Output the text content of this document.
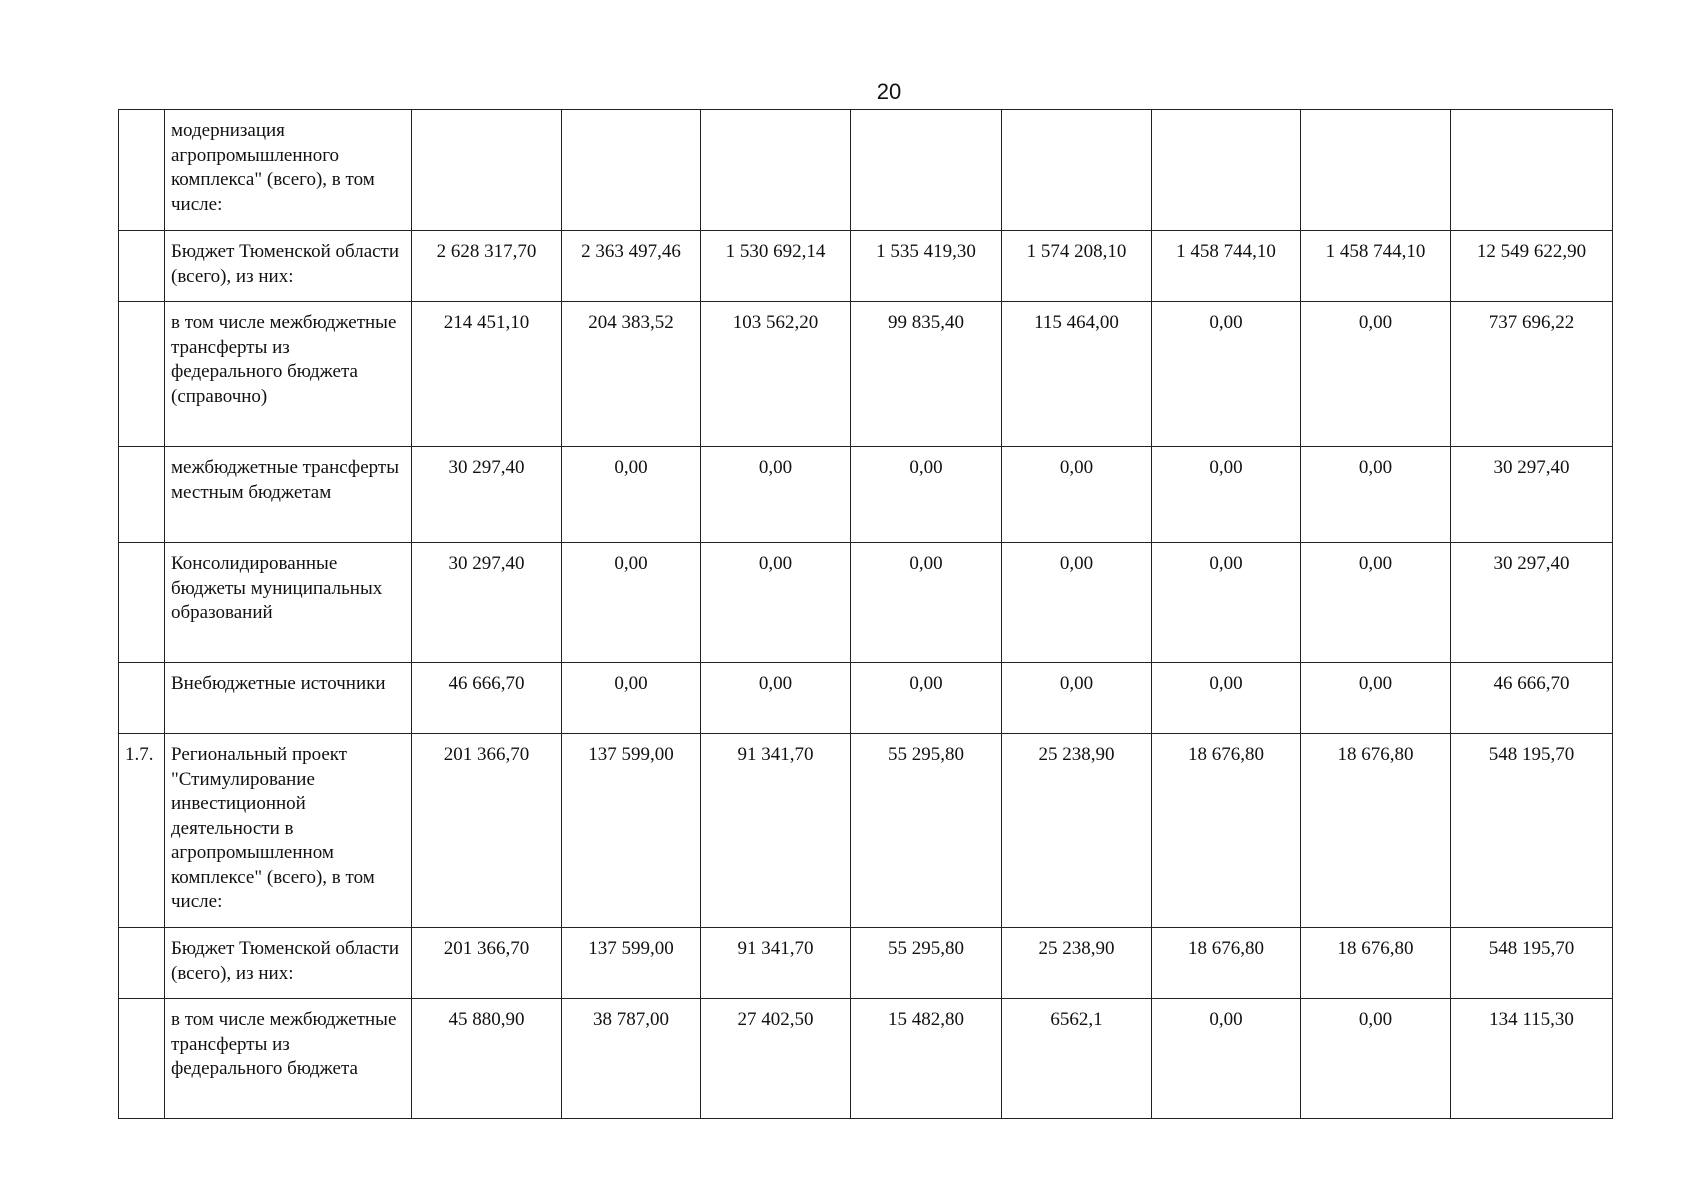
20
	модернизация агропромышленного комплекса" (всего), в том числе:								
	Бюджет Тюменской области (всего), из них:	2 628 317,70	2 363 497,46	1 530 692,14	1 535 419,30	1 574 208,10	1 458 744,10	1 458 744,10	12 549 622,90
	в том числе межбюджетные трансферты из федерального бюджета (справочно)	214 451,10	204 383,52	103 562,20	99 835,40	115 464,00	0,00	0,00	737 696,22
	межбюджетные трансферты местным бюджетам	30 297,40	0,00	0,00	0,00	0,00	0,00	0,00	30 297,40
	Консолидированные бюджеты муниципальных образований	30 297,40	0,00	0,00	0,00	0,00	0,00	0,00	30 297,40
	Внебюджетные источники	46 666,70	0,00	0,00	0,00	0,00	0,00	0,00	46 666,70
1.7.	Региональный проект "Стимулирование инвестиционной деятельности в агропромышленном комплексе" (всего), в том числе:	201 366,70	137 599,00	91 341,70	55 295,80	25 238,90	18 676,80	18 676,80	548 195,70
	Бюджет Тюменской области (всего), из них:	201 366,70	137 599,00	91 341,70	55 295,80	25 238,90	18 676,80	18 676,80	548 195,70
	в том числе межбюджетные трансферты из федерального бюджета	45 880,90	38 787,00	27 402,50	15 482,80	6562,1	0,00	0,00	134 115,30
